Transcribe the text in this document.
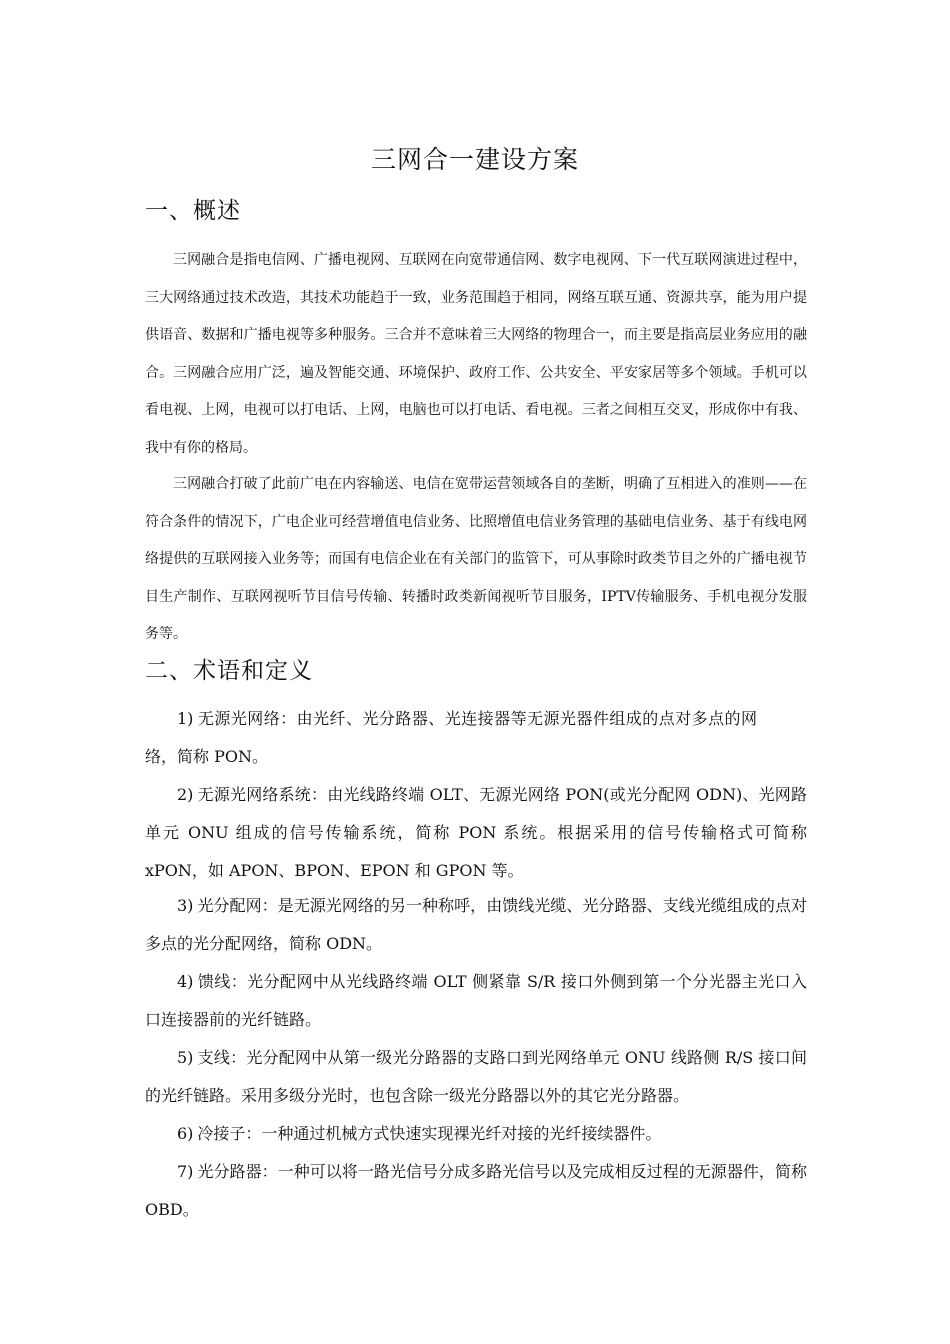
三网合一建设方案
一、概述
三网融合是指电信网、广播电视网、互联网在向宽带通信网、数字电视网、下一代互联网演进过程中，三大网络通过技术改造，其技术功能趋于一致，业务范围趋于相同，网络互联互通、资源共享，能为用户提供语音、数据和广播电视等多种服务。三合并不意味着三大网络的物理合一，而主要是指高层业务应用的融合。三网融合应用广泛，遍及智能交通、环境保护、政府工作、公共安全、平安家居等多个领域。手机可以看电视、上网，电视可以打电话、上网，电脑也可以打电话、看电视。三者之间相互交叉，形成你中有我、我中有你的格局。
三网融合打破了此前广电在内容输送、电信在宽带运营领域各自的垄断，明确了互相进入的准则——在符合条件的情况下，广电企业可经营增值电信业务、比照增值电信业务管理的基础电信业务、基于有线电网络提供的互联网接入业务等；而国有电信企业在有关部门的监管下，可从事除时政类节目之外的广播电视节目生产制作、互联网视听节目信号传输、转播时政类新闻视听节目服务，IPTV传输服务、手机电视分发服务等。
二、术语和定义
1) 无源光网络：由光纤、光分路器、光连接器等无源光器件组成的点对多点的网络，简称 PON。
2) 无源光网络系统：由光线路终端 OLT、无源光网络 PON(或光分配网 ODN)、光网路单元 ONU 组成的信号传输系统，简称 PON 系统。根据采用的信号传输格式可简称 xPON，如 APON、BPON、EPON 和 GPON 等。
3) 光分配网：是无源光网络的另一种称呼，由馈线光缆、光分路器、支线光缆组成的点对多点的光分配网络，简称 ODN。
4) 馈线：光分配网中从光线路终端 OLT 侧紧靠 S/R 接口外侧到第一个分光器主光口入口连接器前的光纤链路。
5) 支线：光分配网中从第一级光分路器的支路口到光网络单元 ONU 线路侧 R/S 接口间的光纤链路。采用多级分光时，也包含除一级光分路器以外的其它光分路器。
6) 冷接子：一种通过机械方式快速实现裸光纤对接的光纤接续器件。
7) 光分路器：一种可以将一路光信号分成多路光信号以及完成相反过程的无源器件，简称 OBD。
